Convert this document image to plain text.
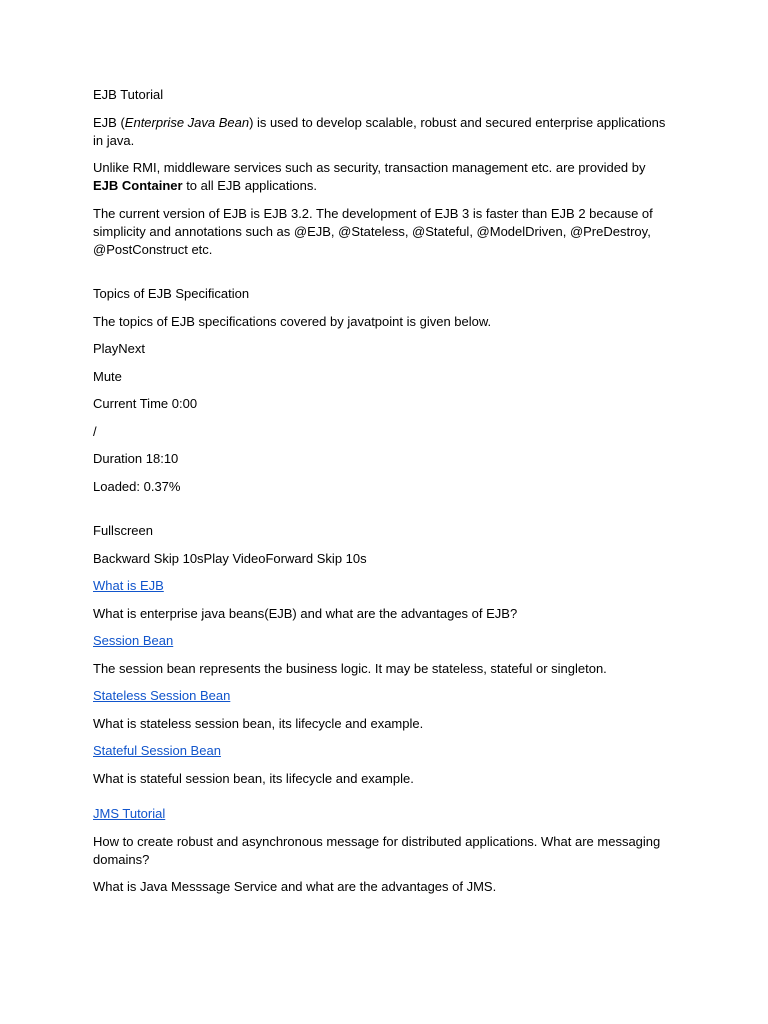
EJB Tutorial

EJB (Enterprise Java Bean) is used to develop scalable, robust and secured enterprise applications in java.

Unlike RMI, middleware services such as security, transaction management etc. are provided by EJB Container to all EJB applications.

The current version of EJB is EJB 3.2. The development of EJB 3 is faster than EJB 2 because of simplicity and annotations such as @EJB, @Stateless, @Stateful, @ModelDriven, @PreDestroy, @PostConstruct etc.

Topics of EJB Specification

The topics of EJB specifications covered by javatpoint is given below.

PlayNext

Mute

Current Time 0:00

/

Duration 18:10

Loaded: 0.37%

Fullscreen

Backward Skip 10sPlay VideoForward Skip 10s

What is EJB

What is enterprise java beans(EJB) and what are the advantages of EJB?

Session Bean

The session bean represents the business logic. It may be stateless, stateful or singleton.

Stateless Session Bean

What is stateless session bean, its lifecycle and example.

Stateful Session Bean

What is stateful session bean, its lifecycle and example.

JMS Tutorial

How to create robust and asynchronous message for distributed applications. What are messaging domains?

What is Java Messsage Service and what are the advantages of JMS.
